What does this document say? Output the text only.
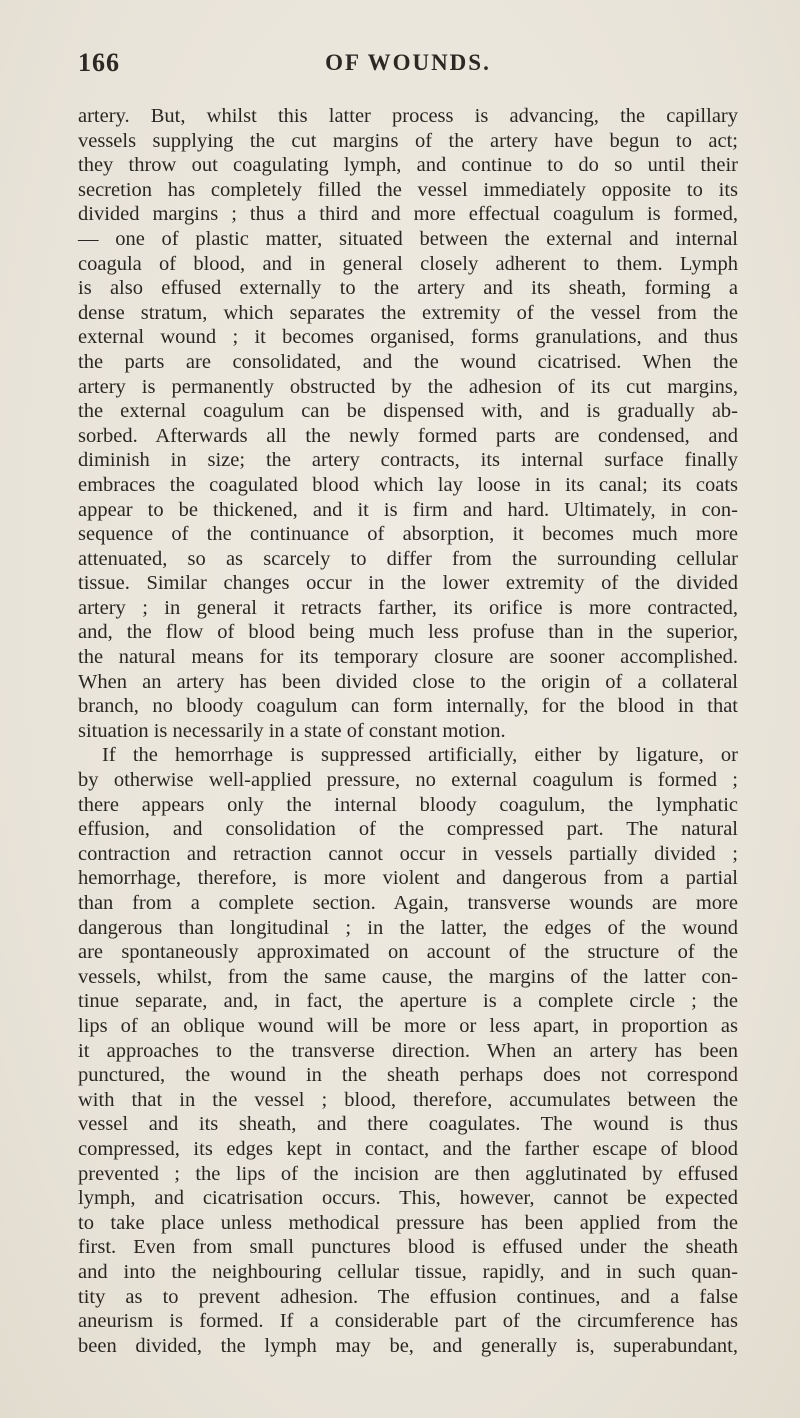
166	OF WOUNDS.
artery. But, whilst this latter process is advancing, the capillary
vessels supplying the cut margins of the artery have begun to act;
they throw out coagulating lymph, and continue to do so until their
secretion has completely filled the vessel immediately opposite to its
divided margins ; thus a third and more effectual coagulum is formed,
— one of plastic matter, situated between the external and internal
coagula of blood, and in general closely adherent to them. Lymph
is also effused externally to the artery and its sheath, forming a
dense stratum, which separates the extremity of the vessel from the
external wound ; it becomes organised, forms granulations, and thus
the parts are consolidated, and the wound cicatrised. When the
artery is permanently obstructed by the adhesion of its cut margins,
the external coagulum can be dispensed with, and is gradually ab-
sorbed. Afterwards all the newly formed parts are condensed, and
diminish in size; the artery contracts, its internal surface finally
embraces the coagulated blood which lay loose in its canal; its coats
appear to be thickened, and it is firm and hard. Ultimately, in con-
sequence of the continuance of absorption, it becomes much more
attenuated, so as scarcely to differ from the surrounding cellular
tissue. Similar changes occur in the lower extremity of the divided
artery ; in general it retracts farther, its orifice is more contracted,
and, the flow of blood being much less profuse than in the superior,
the natural means for its temporary closure are sooner accomplished.
When an artery has been divided close to the origin of a collateral
branch, no bloody coagulum can form internally, for the blood in that
situation is necessarily in a state of constant motion.
If the hemorrhage is suppressed artificially, either by ligature, or
by otherwise well-applied pressure, no external coagulum is formed ;
there appears only the internal bloody coagulum, the lymphatic
effusion, and consolidation of the compressed part. The natural
contraction and retraction cannot occur in vessels partially divided ;
hemorrhage, therefore, is more violent and dangerous from a partial
than from a complete section. Again, transverse wounds are more
dangerous than longitudinal ; in the latter, the edges of the wound
are spontaneously approximated on account of the structure of the
vessels, whilst, from the same cause, the margins of the latter con-
tinue separate, and, in fact, the aperture is a complete circle ; the
lips of an oblique wound will be more or less apart, in proportion as
it approaches to the transverse direction. When an artery has been
punctured, the wound in the sheath perhaps does not correspond
with that in the vessel ; blood, therefore, accumulates between the
vessel and its sheath, and there coagulates. The wound is thus
compressed, its edges kept in contact, and the farther escape of blood
prevented ; the lips of the incision are then agglutinated by effused
lymph, and cicatrisation occurs. This, however, cannot be expected
to take place unless methodical pressure has been applied from the
first. Even from small punctures blood is effused under the sheath
and into the neighbouring cellular tissue, rapidly, and in such quan-
tity as to prevent adhesion. The effusion continues, and a false
aneurism is formed. If a considerable part of the circumference has
been divided, the lymph may be, and generally is, superabundant,
